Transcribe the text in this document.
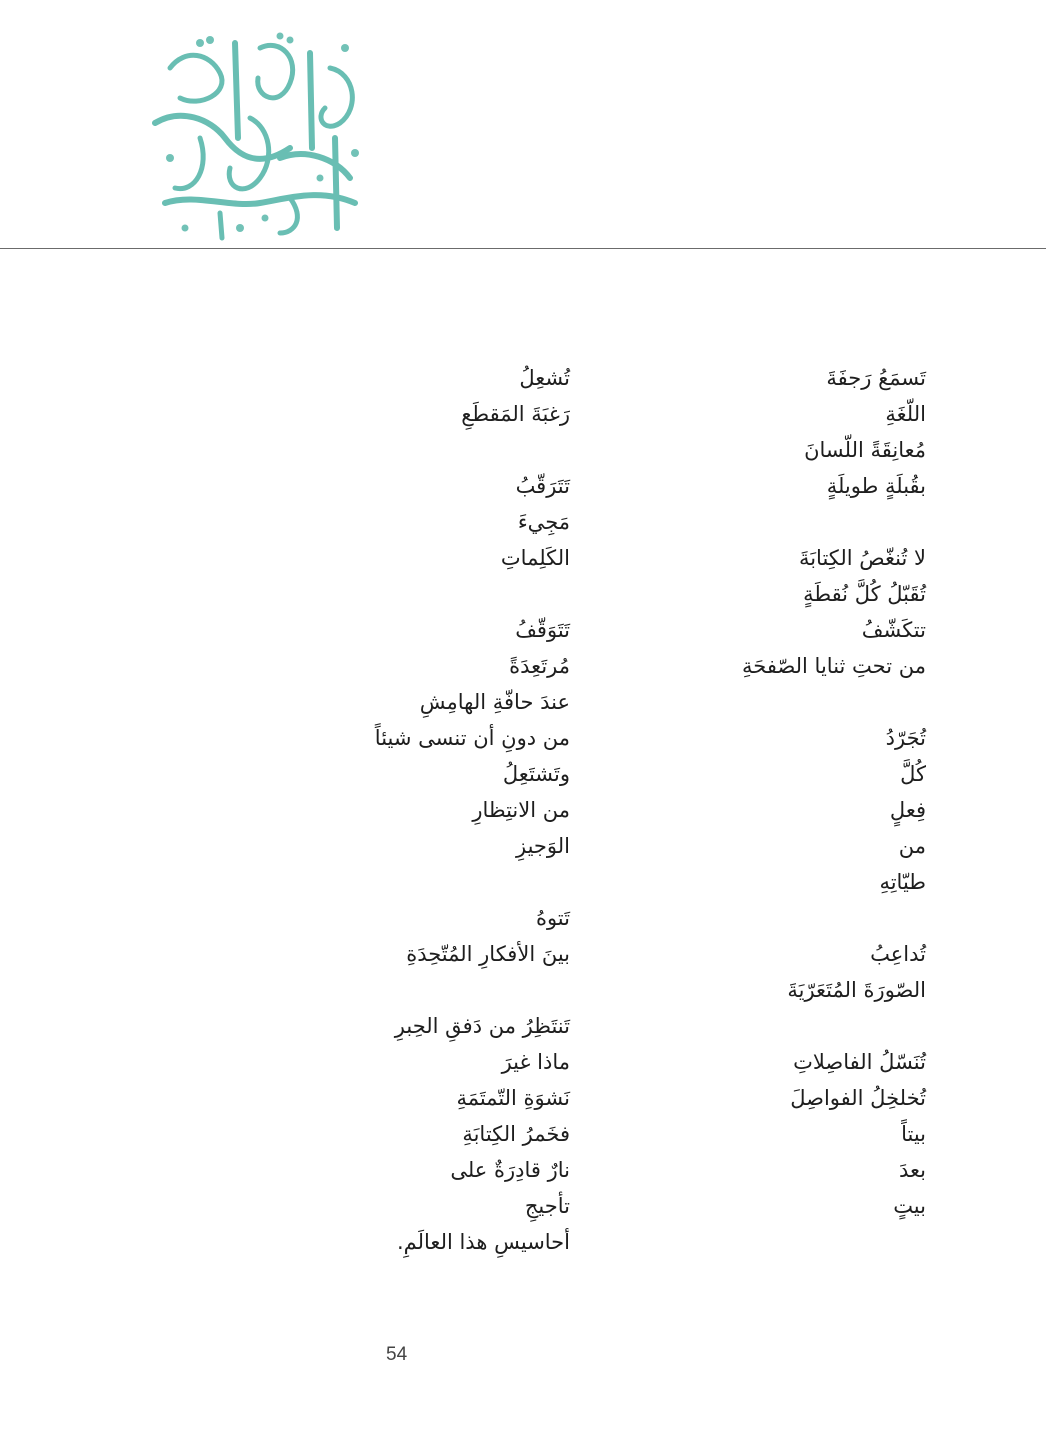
تَسمَعُ رَجفَةَ
اللّغَةِ
مُعانِقَةً اللّسانَ
بقُبلَةٍ طويلَةٍ
لا تُنغّصُ الكِتابَةَ
تُقَبّلُ كُلَّ نُقطَةٍ
تتكَشّفُ
من تحتِ ثنايا الصّفحَةِ
تُجَرّدُ
كُلَّ
فِعلٍ
من
طيّاتِهِ
تُداعِبُ
الصّورَةَ المُتَعَرّيَةَ
تُنَسّلُ الفاصِلاتِ
تُخلخِلُ الفواصِلَ
بيتاً
بعدَ
بيتٍ
تُشعِلُ
رَغبَةَ المَقطَعِ
تَتَرَقّبُ
مَجِيءَ
الكَلِماتِ
تَتَوَقّفُ
مُرتَعِدَةً
عندَ حافّةِ الهامِشِ
من دونِ أن تنسى شيئاً
وتَشتَعِلُ
من الانتِظارِ
الوَجيزِ
تَتوهُ
بينَ الأفكارِ المُتّحِدَةِ
تَنتَظِرُ من دَفقِ الحِبرِ
ماذا غيرَ
نَشوَةِ التّمتَمَةِ
فخَمرُ الكِتابَةِ
نارٌ قادِرَةٌ على
تأجيجِ
أحاسيسِ هذا العالَمِ.
54
